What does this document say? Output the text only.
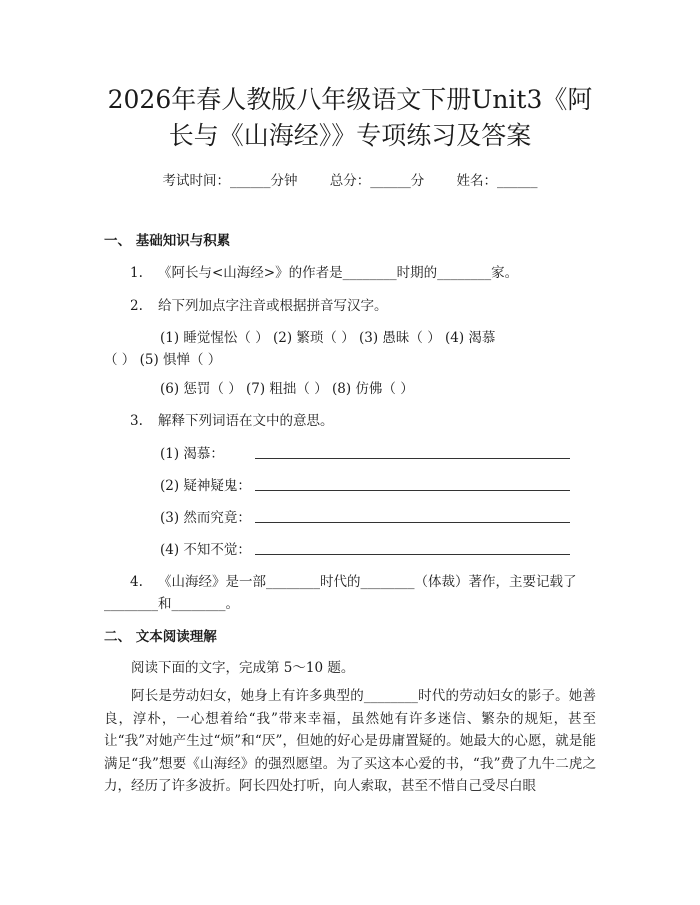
2026年春人教版八年级语文下册Unit3《阿
长与《山海经》》专项练习及答案
考试时间：______分钟 总分：______分 姓名：______
一、 基础知识与积累
1. 《阿长与<山海经>》的作者是________时期的________家。
2. 给下列加点字注音或根据拼音写汉字。
(1) 睡觉惺忪（ ） (2) 繁琐（ ） (3) 愚昧（ ） (4) 渴慕
（ ） (5) 惧惮（ ）
(6) 惩罚（ ） (7) 粗拙（ ） (8) 仿佛（ ）
3. 解释下列词语在文中的意思。
(1) 渴慕：
(2) 疑神疑鬼：
(3) 然而究竟：
(4) 不知不觉：
4. 《山海经》是一部________时代的________（体裁）著作，主要记载了
________和________。
二、 文本阅读理解
阅读下面的文字，完成第 5～10 题。

阿长是劳动妇女，她身上有许多典型的________时代的劳动妇女的影子。她善良，淳朴，一心想着给“我”带来幸福，虽然她有许多迷信、繁杂的规矩，甚至让“我”对她产生过“烦”和“厌”，但她的好心是毋庸置疑的。她最大的心愿，就是能满足“我”想要《山海经》的强烈愿望。为了买这本心爱的书，“我”费了九牛二虎之力，经历了许多波折。阿长四处打听，向人索取，甚至不惜自己受尽白眼
